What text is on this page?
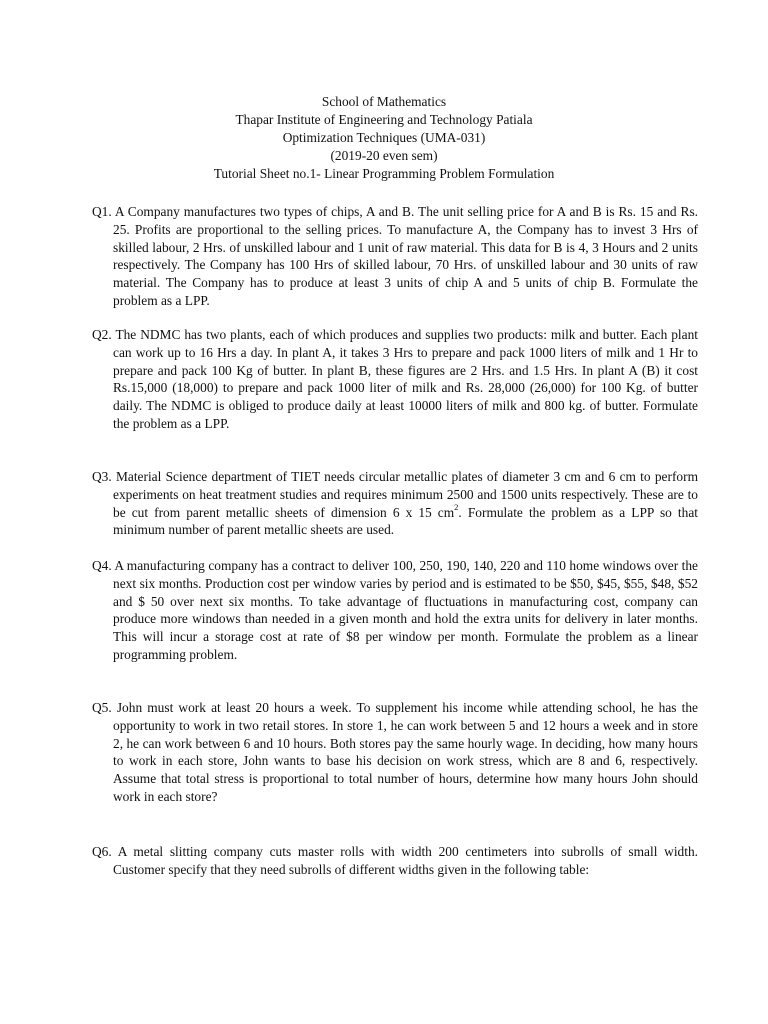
School of Mathematics
Thapar Institute of Engineering and Technology Patiala
Optimization Techniques (UMA-031)
(2019-20 even sem)
Tutorial Sheet no.1- Linear Programming Problem Formulation
Q1. A Company manufactures two types of chips, A and B. The unit selling price for A and B is Rs. 15 and Rs. 25. Profits are proportional to the selling prices. To manufacture A, the Company has to invest 3 Hrs of skilled labour, 2 Hrs. of unskilled labour and 1 unit of raw material. This data for B is 4, 3 Hours and 2 units respectively. The Company has 100 Hrs of skilled labour, 70 Hrs. of unskilled labour and 30 units of raw material. The Company has to produce at least 3 units of chip A and 5 units of chip B. Formulate the problem as a LPP.
Q2. The NDMC has two plants, each of which produces and supplies two products: milk and butter. Each plant can work up to 16 Hrs a day. In plant A, it takes 3 Hrs to prepare and pack 1000 liters of milk and 1 Hr to prepare and pack 100 Kg of butter. In plant B, these figures are 2 Hrs. and 1.5 Hrs. In plant A (B) it cost Rs.15,000 (18,000) to prepare and pack 1000 liter of milk and Rs. 28,000 (26,000) for 100 Kg. of butter daily. The NDMC is obliged to produce daily at least 10000 liters of milk and 800 kg. of butter. Formulate the problem as a LPP.
Q3. Material Science department of TIET needs circular metallic plates of diameter 3 cm and 6 cm to perform experiments on heat treatment studies and requires minimum 2500 and 1500 units respectively. These are to be cut from parent metallic sheets of dimension 6 x 15 $cm^2$. Formulate the problem as a LPP so that minimum number of parent metallic sheets are used.
Q4. A manufacturing company has a contract to deliver 100, 250, 190, 140, 220 and 110 home windows over the next six months. Production cost per window varies by period and is estimated to be $50, $45, $55, $48, $52 and $ 50 over next six months. To take advantage of fluctuations in manufacturing cost, company can produce more windows than needed in a given month and hold the extra units for delivery in later months. This will incur a storage cost at rate of $8 per window per month. Formulate the problem as a linear programming problem.
Q5. John must work at least 20 hours a week. To supplement his income while attending school, he has the opportunity to work in two retail stores. In store 1, he can work between 5 and 12 hours a week and in store 2, he can work between 6 and 10 hours. Both stores pay the same hourly wage. In deciding, how many hours to work in each store, John wants to base his decision on work stress, which are 8 and 6, respectively. Assume that total stress is proportional to total number of hours, determine how many hours John should work in each store?
Q6. A metal slitting company cuts master rolls with width 200 centimeters into subrolls of small width. Customer specify that they need subrolls of different widths given in the following table:
